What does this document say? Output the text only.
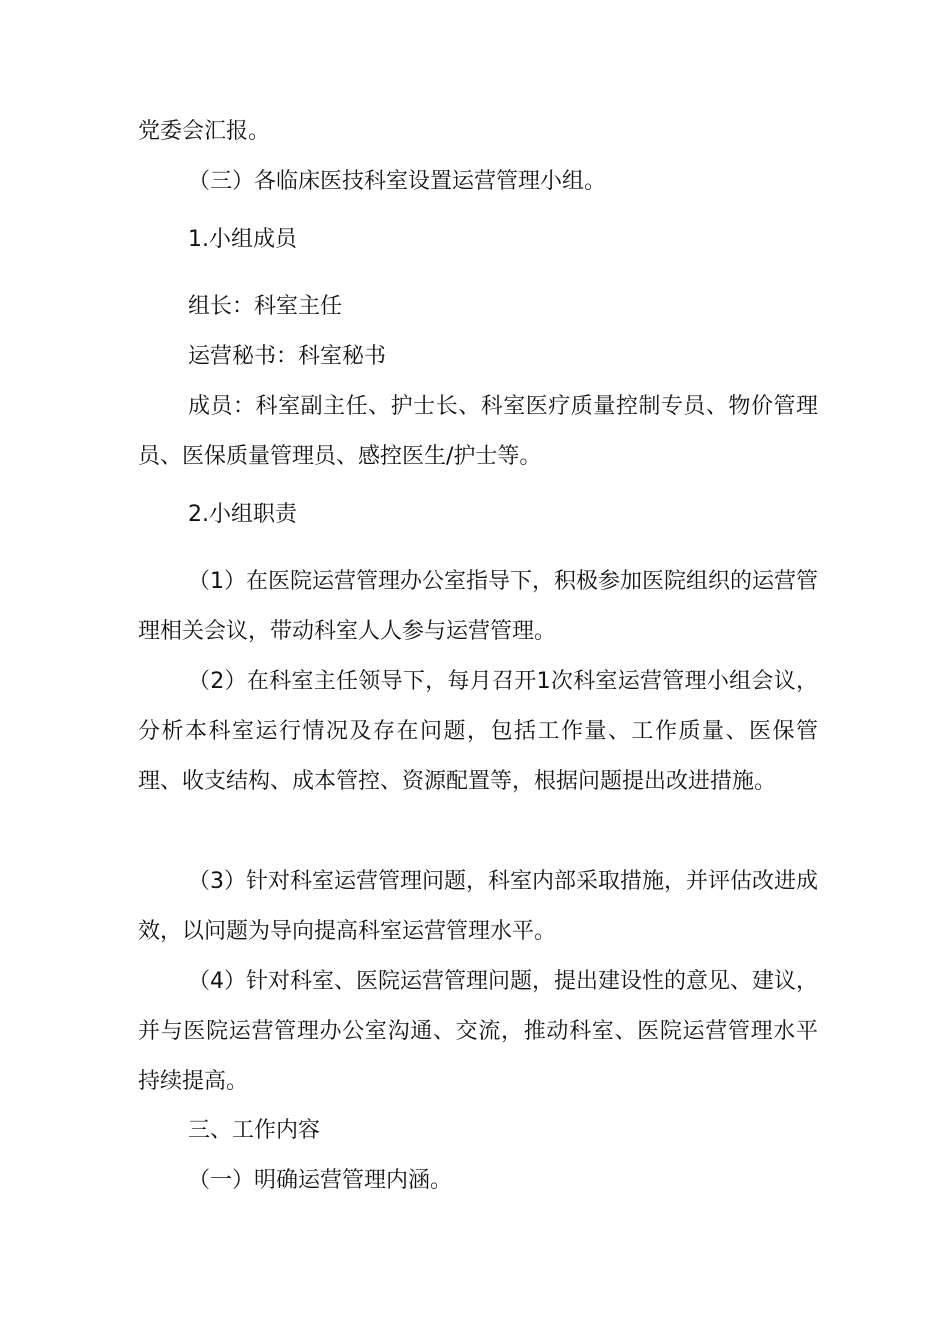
党委会汇报。

（三）各临床医技科室设置运营管理小组。

1.小组成员

组长：科室主任

运营秘书：科室秘书

成员：科室副主任、护士长、科室医疗质量控制专员、物价管理员、医保质量管理员、感控医生/护士等。

2.小组职责

（1）在医院运营管理办公室指导下，积极参加医院组织的运营管理相关会议，带动科室人人参与运营管理。

（2）在科室主任领导下，每月召开1次科室运营管理小组会议，分析本科室运行情况及存在问题，包括工作量、工作质量、医保管理、收支结构、成本管控、资源配置等，根据问题提出改进措施。

（3）针对科室运营管理问题，科室内部采取措施，并评估改进成效，以问题为导向提高科室运营管理水平。

（4）针对科室、医院运营管理问题，提出建设性的意见、建议，并与医院运营管理办公室沟通、交流，推动科室、医院运营管理水平持续提高。

三、工作内容

（一）明确运营管理内涵。
